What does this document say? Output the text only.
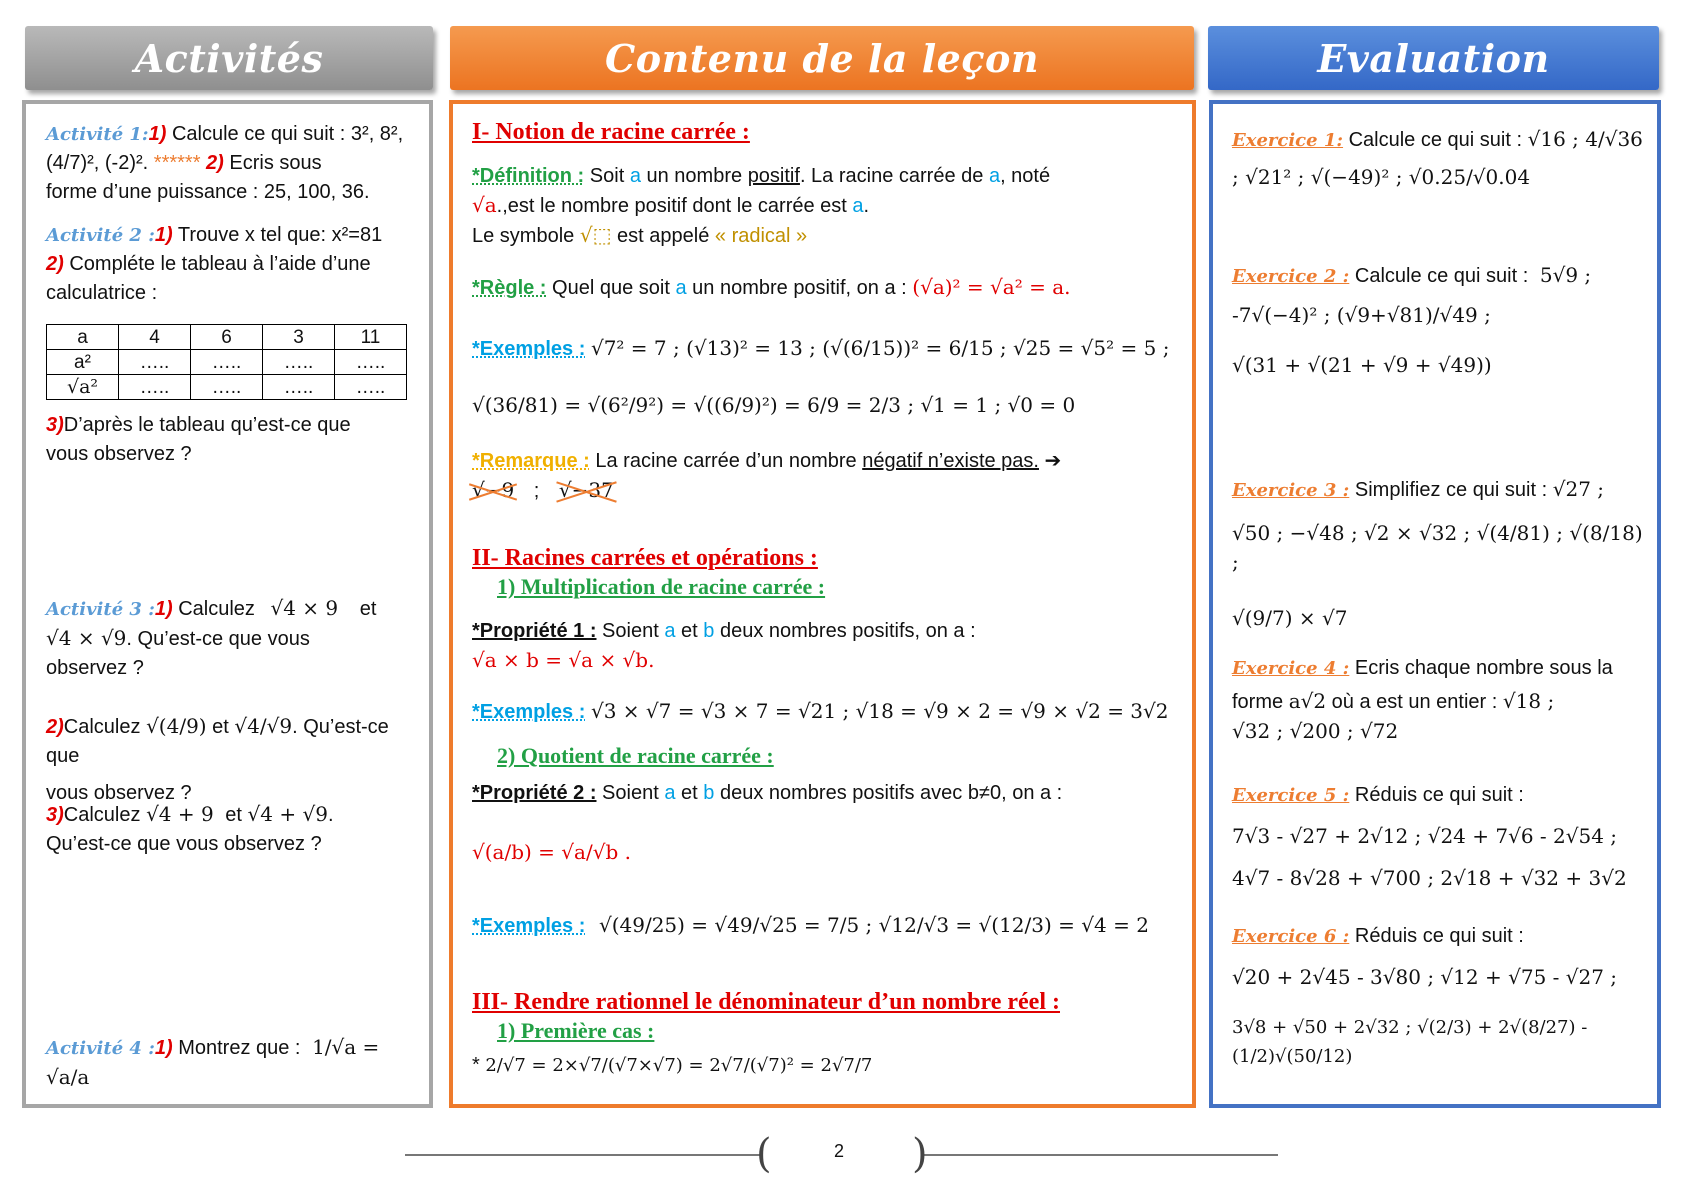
Activités	Contenu de la leçon	Evaluation
Activité 1:1) Calcule ce qui suit : 3², 8², (4/7)², (-2)². ****** 2) Ecris sous
forme d’une puissance : 25, 100, 36.
Activité 2 :1) Trouve x tel que: x²=81
2) Compléte le tableau à l’aide d’une
calculatrice :
a	4	6	3	11
a²	…..	…..	…..	…..
√a²	…..	…..	…..	…..
3)D’après le tableau qu’est-ce que
vous observez ?
Activité 3 :1) Calculez √4 × 9 et
√4 × √9. Qu’est-ce que vous
observez ?
2)Calculez √(4/9) et √4/√9. Qu’est-ce que
vous observez ?
3)Calculez √4 + 9 et √4 + √9.
Qu’est-ce que vous observez ?
Activité 4 :1) Montrez que : 1/√a = √a/a
I- Notion de racine carrée :
*Définition : Soit a un nombre positif. La racine carrée de a, noté
√a.,est le nombre positif dont le carrée est a.
Le symbole √⬚ est appelé « radical »
*Règle : Quel que soit a un nombre positif, on a : (√a)² = √a² = a.
*Exemples : √7² = 7 ; (√13)² = 13 ; (√(6/15))² = 6/15 ; √25 = √5² = 5 ;
√(36/81) = √(6²/9²) = √((6/9)²) = 6/9 = 2/3 ; √1 = 1 ; √0 = 0
*Remarque : La racine carrée d’un nombre négatif n’existe pas. ➔
√−9 ; √−37
II- Racines carrées et opérations :
1) Multiplication de racine carrée :
*Propriété 1 : Soient a et b deux nombres positifs, on a :
√a × b = √a × √b.
*Exemples : √3 × √7 = √3 × 7 = √21 ; √18 = √9 × 2 = √9 × √2 = 3√2
2) Quotient de racine carrée :
*Propriété 2 : Soient a et b deux nombres positifs avec b≠0, on a :
√(a/b) = √a/√b .
*Exemples : √(49/25) = √49/√25 = 7/5 ; √12/√3 = √(12/3) = √4 = 2
III- Rendre rationnel le dénominateur d’un nombre réel :
1) Première cas :
* 2/√7 = 2×√7/(√7×√7) = 2√7/(√7)² = 2√7/7
Exercice 1: Calcule ce qui suit : √16 ; 4/√36
; √21² ; √(−49)² ; √0.25/√0.04
Exercice 2 : Calcule ce qui suit : 5√9 ;
-7√(−4)² ; (√9+√81)/√49 ;
√(31 + √(21 + √9 + √49))
Exercice 3 : Simplifiez ce qui suit : √27 ;
√50 ; −√48 ; √2 × √32 ; √(4/81) ; √(8/18) ;
√(9/7) × √7
Exercice 4 : Ecris chaque nombre sous la
forme a√2 où a est un entier : √18 ;
√32 ; √200 ; √72
Exercice 5 : Réduis ce qui suit :
7√3 - √27 + 2√12 ; √24 + 7√6 - 2√54 ;
4√7 - 8√28 + √700 ; 2√18 + √32 + 3√2
Exercice 6 : Réduis ce qui suit :
√20 + 2√45 - 3√80 ; √12 + √75 - √27 ;
3√8 + √50 + 2√32 ; √(2/3) + 2√(8/27) - (1/2)√(50/12)
(	)
2
